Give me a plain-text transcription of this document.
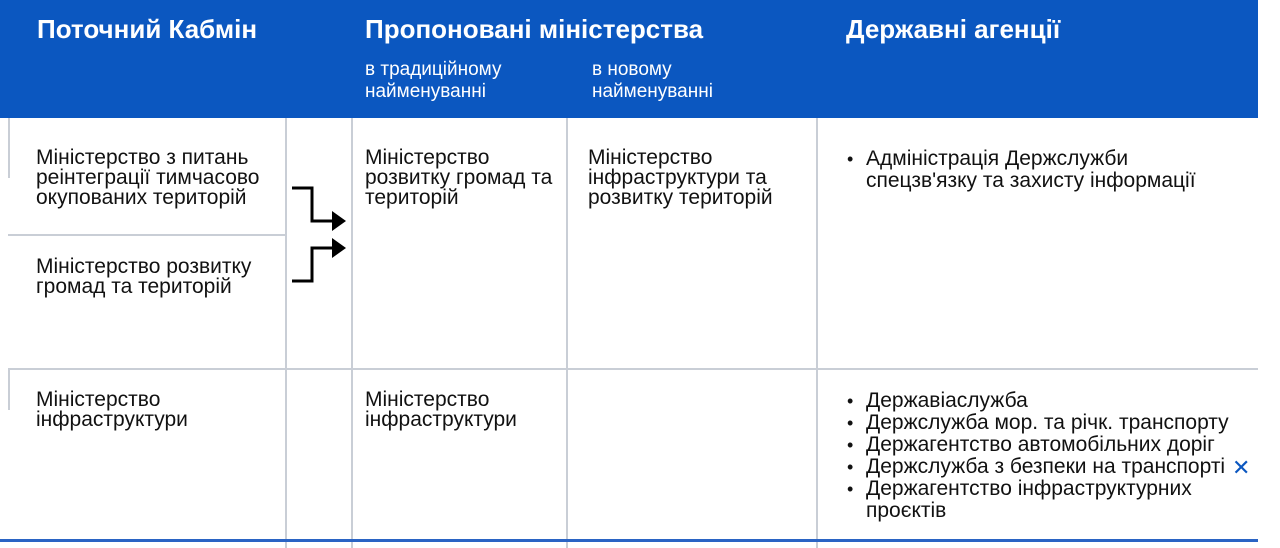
Поточний Кабмін	Пропоновані міністерства
в традиційному найменуванні
в новому найменуванні
Державні агенції
Міністерство з питань реінтеграції тимчасово окупованих територій
Міністерство розвитку громад та територій
Міністерство розвитку громад та територій
Міністерство інфраструктури та розвитку територій
• Адміністрація Держслужби спецзв'язку та захисту інформації
Міністерство інфраструктури
Міністерство інфраструктури
• Державіаслужба
• Держслужба мор. та річк. транспорту
• Держагентство автомобільних доріг
• Держслужба з безпеки на транспорті
• Держагентство інфраструктурних проєктів
✕
